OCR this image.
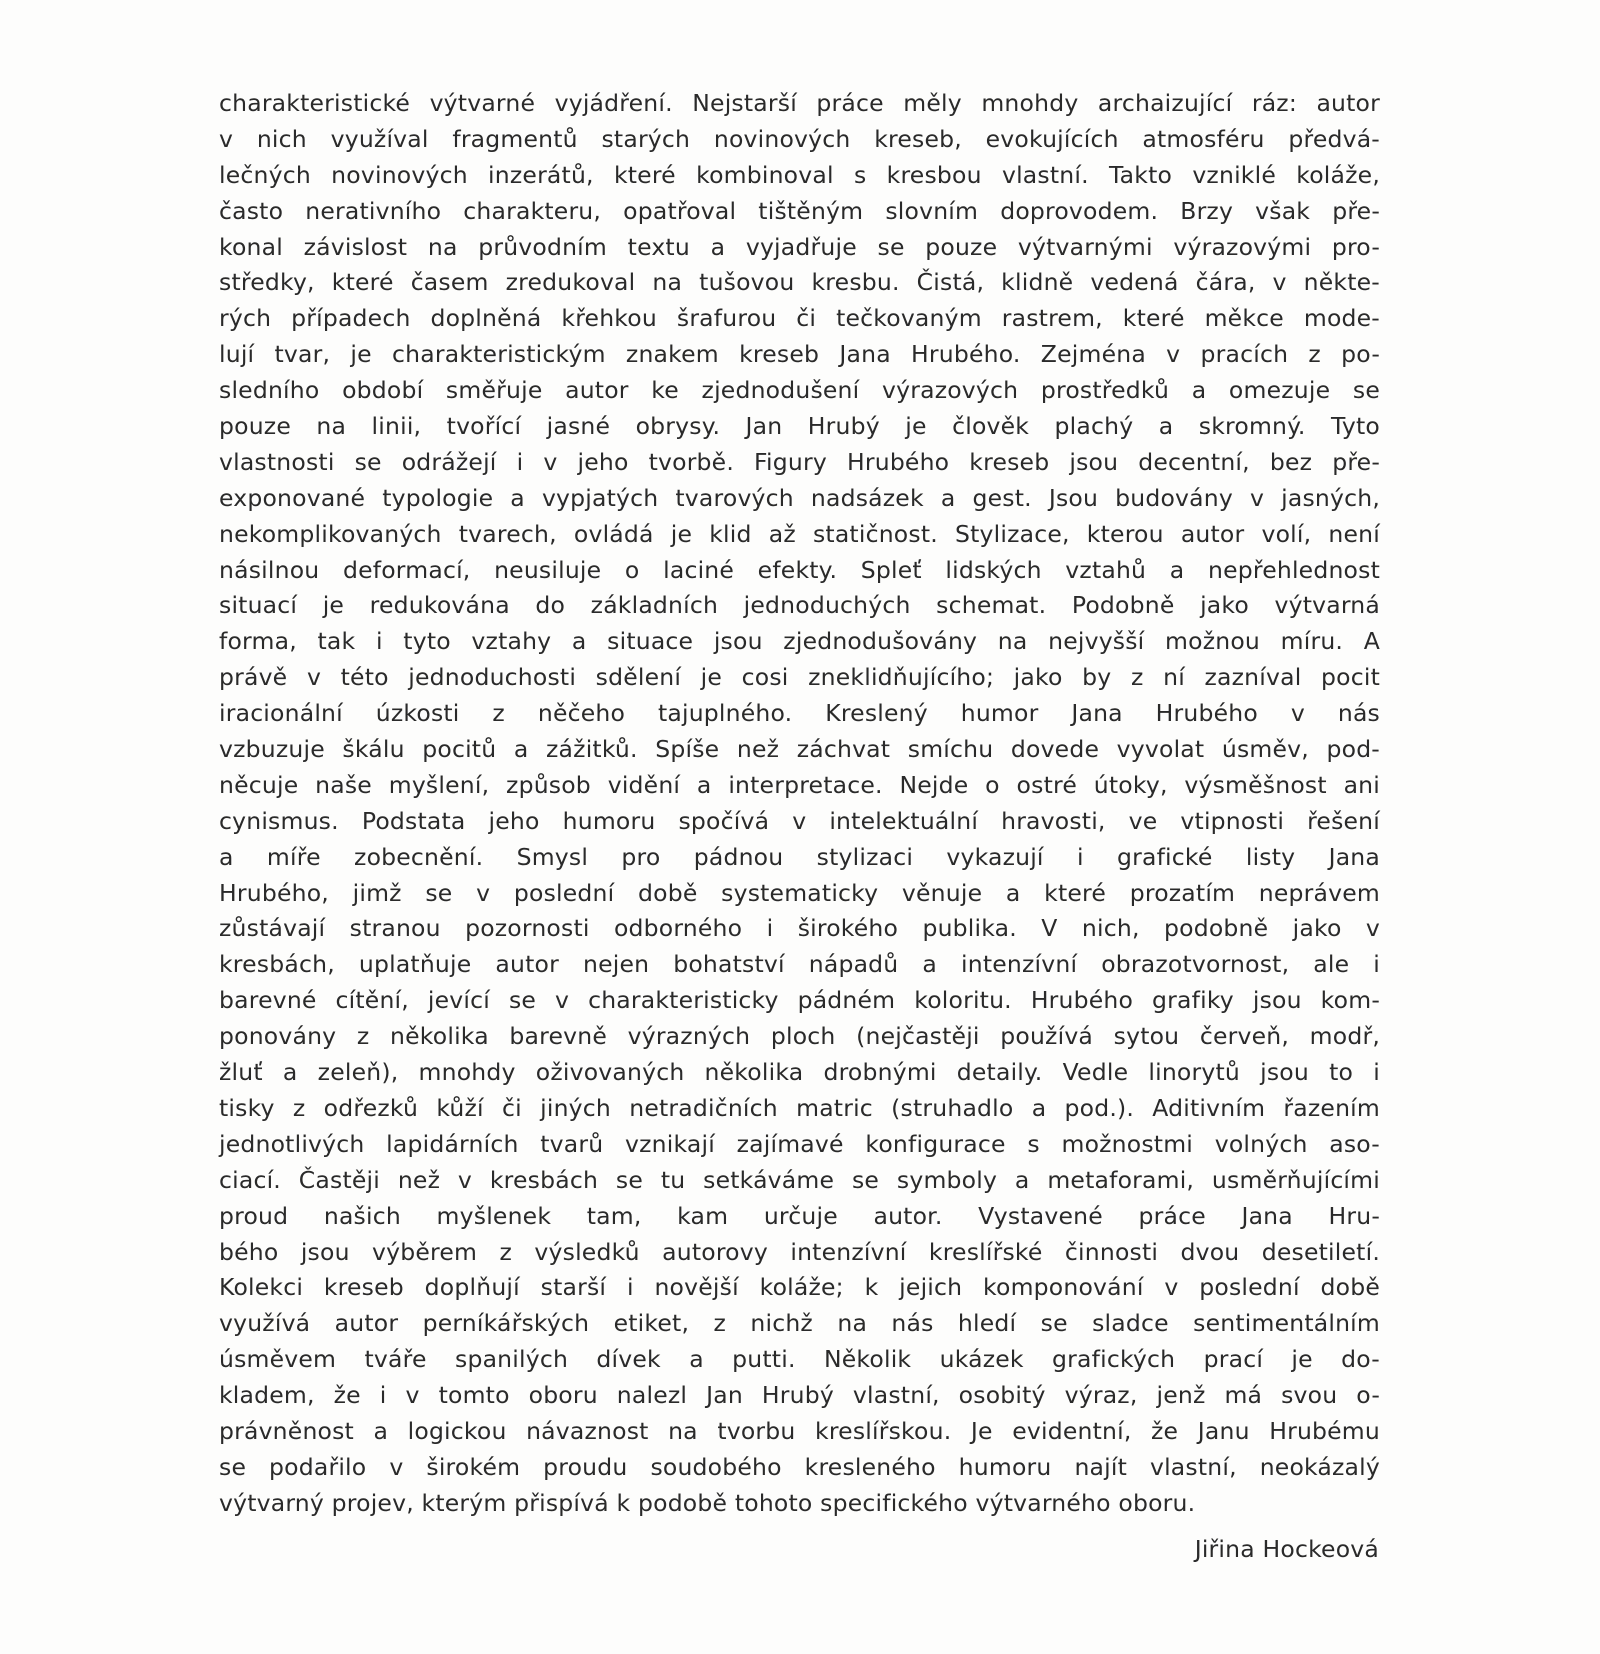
charakteristické výtvarné vyjádření. Nejstarší práce měly mnohdy archaizující ráz: autor
v nich využíval fragmentů starých novinových kreseb, evokujících atmosféru předvá-
lečných novinových inzerátů, které kombinoval s kresbou vlastní. Takto vzniklé koláže,
často nerativního charakteru, opatřoval tištěným slovním doprovodem. Brzy však pře-
konal závislost na průvodním textu a vyjadřuje se pouze výtvarnými výrazovými pro-
středky, které časem zredukoval na tušovou kresbu. Čistá, klidně vedená čára, v někte-
rých případech doplněná křehkou šrafurou či tečkovaným rastrem, které měkce mode-
lují tvar, je charakteristickým znakem kreseb Jana Hrubého. Zejména v pracích z po-
sledního období směřuje autor ke zjednodušení výrazových prostředků a omezuje se
pouze na linii, tvořící jasné obrysy. Jan Hrubý je člověk plachý a skromný. Tyto
vlastnosti se odrážejí i v jeho tvorbě. Figury Hrubého kreseb jsou decentní, bez pře-
exponované typologie a vypjatých tvarových nadsázek a gest. Jsou budovány v jasných,
nekomplikovaných tvarech, ovládá je klid až statičnost. Stylizace, kterou autor volí, není
násilnou deformací, neusiluje o laciné efekty. Spleť lidských vztahů a nepřehlednost
situací je redukována do základních jednoduchých schemat. Podobně jako výtvarná
forma, tak i tyto vztahy a situace jsou zjednodušovány na nejvyšší možnou míru. A
právě v této jednoduchosti sdělení je cosi zneklidňujícího; jako by z ní zazníval pocit
iracionální úzkosti z něčeho tajuplného. Kreslený humor Jana Hrubého v nás
vzbuzuje škálu pocitů a zážitků. Spíše než záchvat smíchu dovede vyvolat úsměv, pod-
něcuje naše myšlení, způsob vidění a interpretace. Nejde o ostré útoky, výsměšnost ani
cynismus. Podstata jeho humoru spočívá v intelektuální hravosti, ve vtipnosti řešení
a míře zobecnění. Smysl pro pádnou stylizaci vykazují i grafické listy Jana
Hrubého, jimž se v poslední době systematicky věnuje a které prozatím neprávem
zůstávají stranou pozornosti odborného i širokého publika. V nich, podobně jako v
kresbách, uplatňuje autor nejen bohatství nápadů a intenzívní obrazotvornost, ale i
barevné cítění, jevící se v charakteristicky pádném koloritu. Hrubého grafiky jsou kom-
ponovány z několika barevně výrazných ploch (nejčastěji používá sytou červeň, modř,
žluť a zeleň), mnohdy oživovaných několika drobnými detaily. Vedle linorytů jsou to i
tisky z odřezků kůží či jiných netradičních matric (struhadlo a pod.). Aditivním řazením
jednotlivých lapidárních tvarů vznikají zajímavé konfigurace s možnostmi volných aso-
ciací. Častěji než v kresbách se tu setkáváme se symboly a metaforami, usměrňujícími
proud našich myšlenek tam, kam určuje autor. Vystavené práce Jana Hru-
bého jsou výběrem z výsledků autorovy intenzívní kreslířské činnosti dvou desetiletí.
Kolekci kreseb doplňují starší i novější koláže; k jejich komponování v poslední době
využívá autor perníkářských etiket, z nichž na nás hledí se sladce sentimentálním
úsměvem tváře spanilých dívek a putti. Několik ukázek grafických prací je do-
kladem, že i v tomto oboru nalezl Jan Hrubý vlastní, osobitý výraz, jenž má svou o-
právněnost a logickou návaznost na tvorbu kreslířskou. Je evidentní, že Janu Hrubému
se podařilo v širokém proudu soudobého kresleného humoru najít vlastní, neokázalý
výtvarný projev, kterým přispívá k podobě tohoto specifického výtvarného oboru.
Jiřina Hockeová
